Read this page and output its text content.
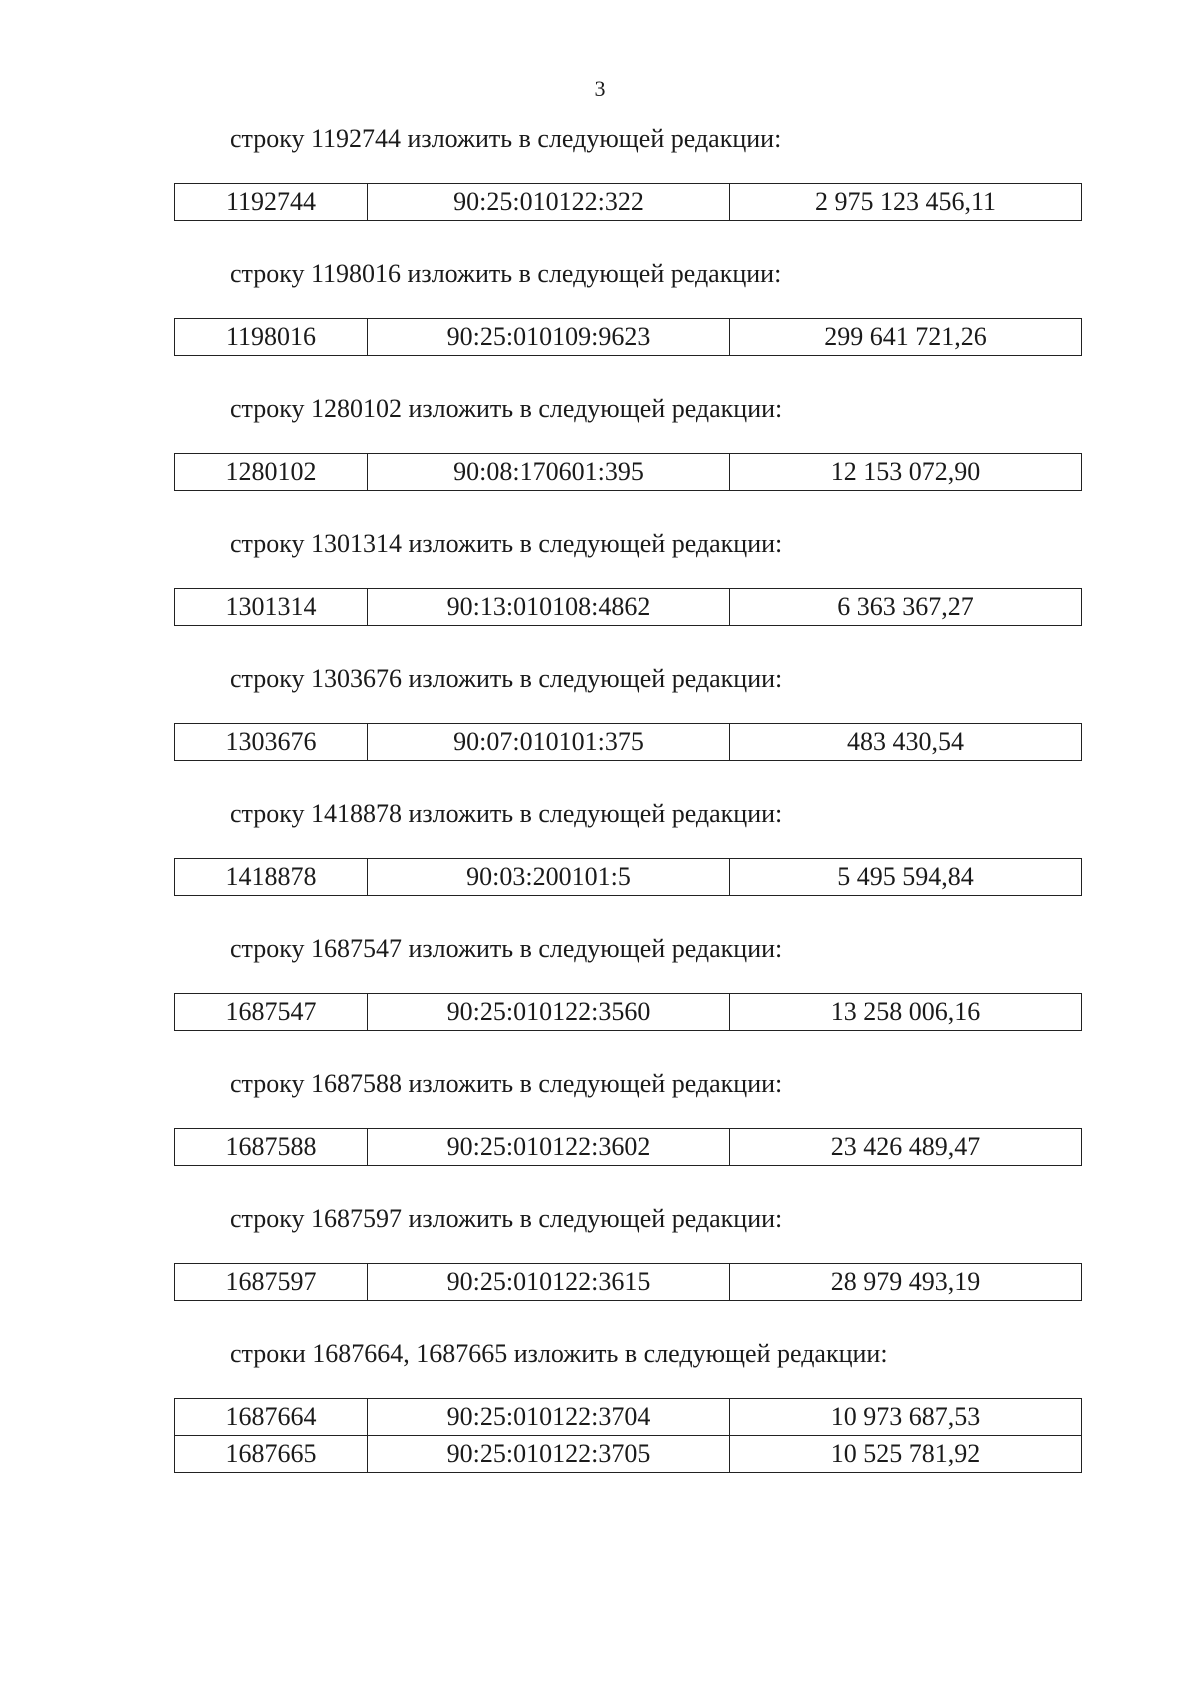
3
строку 1192744 изложить в следующей редакции:
1192744	90:25:010122:322	2 975 123 456,11
строку 1198016 изложить в следующей редакции:
1198016	90:25:010109:9623	299 641 721,26
строку 1280102 изложить в следующей редакции:
1280102	90:08:170601:395	12 153 072,90
строку 1301314 изложить в следующей редакции:
1301314	90:13:010108:4862	6 363 367,27
строку 1303676 изложить в следующей редакции:
1303676	90:07:010101:375	483 430,54
строку 1418878 изложить в следующей редакции:
1418878	90:03:200101:5	5 495 594,84
строку 1687547 изложить в следующей редакции:
1687547	90:25:010122:3560	13 258 006,16
строку 1687588 изложить в следующей редакции:
1687588	90:25:010122:3602	23 426 489,47
строку 1687597 изложить в следующей редакции:
1687597	90:25:010122:3615	28 979 493,19
строки 1687664, 1687665 изложить в следующей редакции:
1687664	90:25:010122:3704	10 973 687,53
1687665	90:25:010122:3705	10 525 781,92
